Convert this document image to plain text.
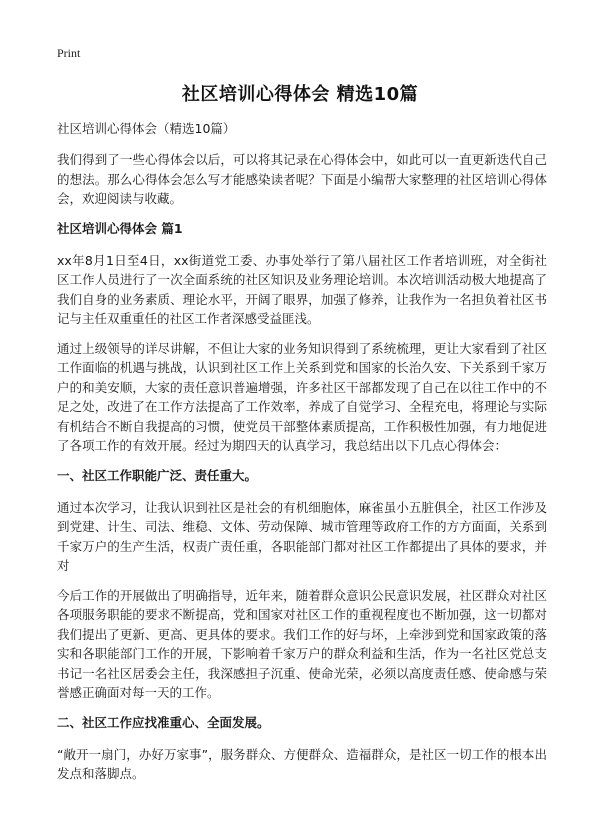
Print
社区培训心得体会 精选10篇
社区培训心得体会（精选10篇）

我们得到了一些心得体会以后，可以将其记录在心得体会中，如此可以一直更新迭代自己的想法。那么心得体会怎么写才能感染读者呢？下面是小编帮大家整理的社区培训心得体会，欢迎阅读与收藏。

社区培训心得体会 篇1

xx年8月1日至4日，xx街道党工委、办事处举行了第八届社区工作者培训班，对全街社区工作人员进行了一次全面系统的社区知识及业务理论培训。本次培训活动极大地提高了我们自身的业务素质、理论水平，开阔了眼界，加强了修养，让我作为一名担负着社区书记与主任双重重任的社区工作者深感受益匪浅。

通过上级领导的详尽讲解，不但让大家的业务知识得到了系统梳理，更让大家看到了社区工作面临的机遇与挑战，认识到社区工作上关系到党和国家的长治久安、下关系到千家万户的和美安顺，大家的责任意识普遍增强，许多社区干部都发现了自己在以往工作中的不足之处，改进了在工作方法提高了工作效率，养成了自觉学习、全程充电，将理论与实际有机结合不断自我提高的习惯，使党员干部整体素质提高，工作积极性加强，有力地促进了各项工作的有效开展。经过为期四天的认真学习，我总结出以下几点心得体会：

一、社区工作职能广泛、责任重大。

通过本次学习，让我认识到社区是社会的有机细胞体，麻雀虽小五脏俱全，社区工作涉及到党建、计生、司法、维稳、文体、劳动保障、城市管理等政府工作的方方面面，关系到千家万户的生产生活，权责广责任重，各职能部门都对社区工作都提出了具体的要求，并对

今后工作的开展做出了明确指导，近年来，随着群众意识公民意识发展，社区群众对社区各项服务职能的要求不断提高，党和国家对社区工作的重视程度也不断加强，这一切都对我们提出了更新、更高、更具体的要求。我们工作的好与坏，上牵涉到党和国家政策的落实和各职能部门工作的开展，下影响着千家万户的群众利益和生活，作为一名社区党总支书记一名社区居委会主任，我深感担子沉重、使命光荣，必须以高度责任感、使命感与荣誉感正确面对每一天的工作。

二、社区工作应找准重心、全面发展。

“敞开一扇门，办好万家事”，服务群众、方便群众、造福群众，是社区一切工作的根本出发点和落脚点。
